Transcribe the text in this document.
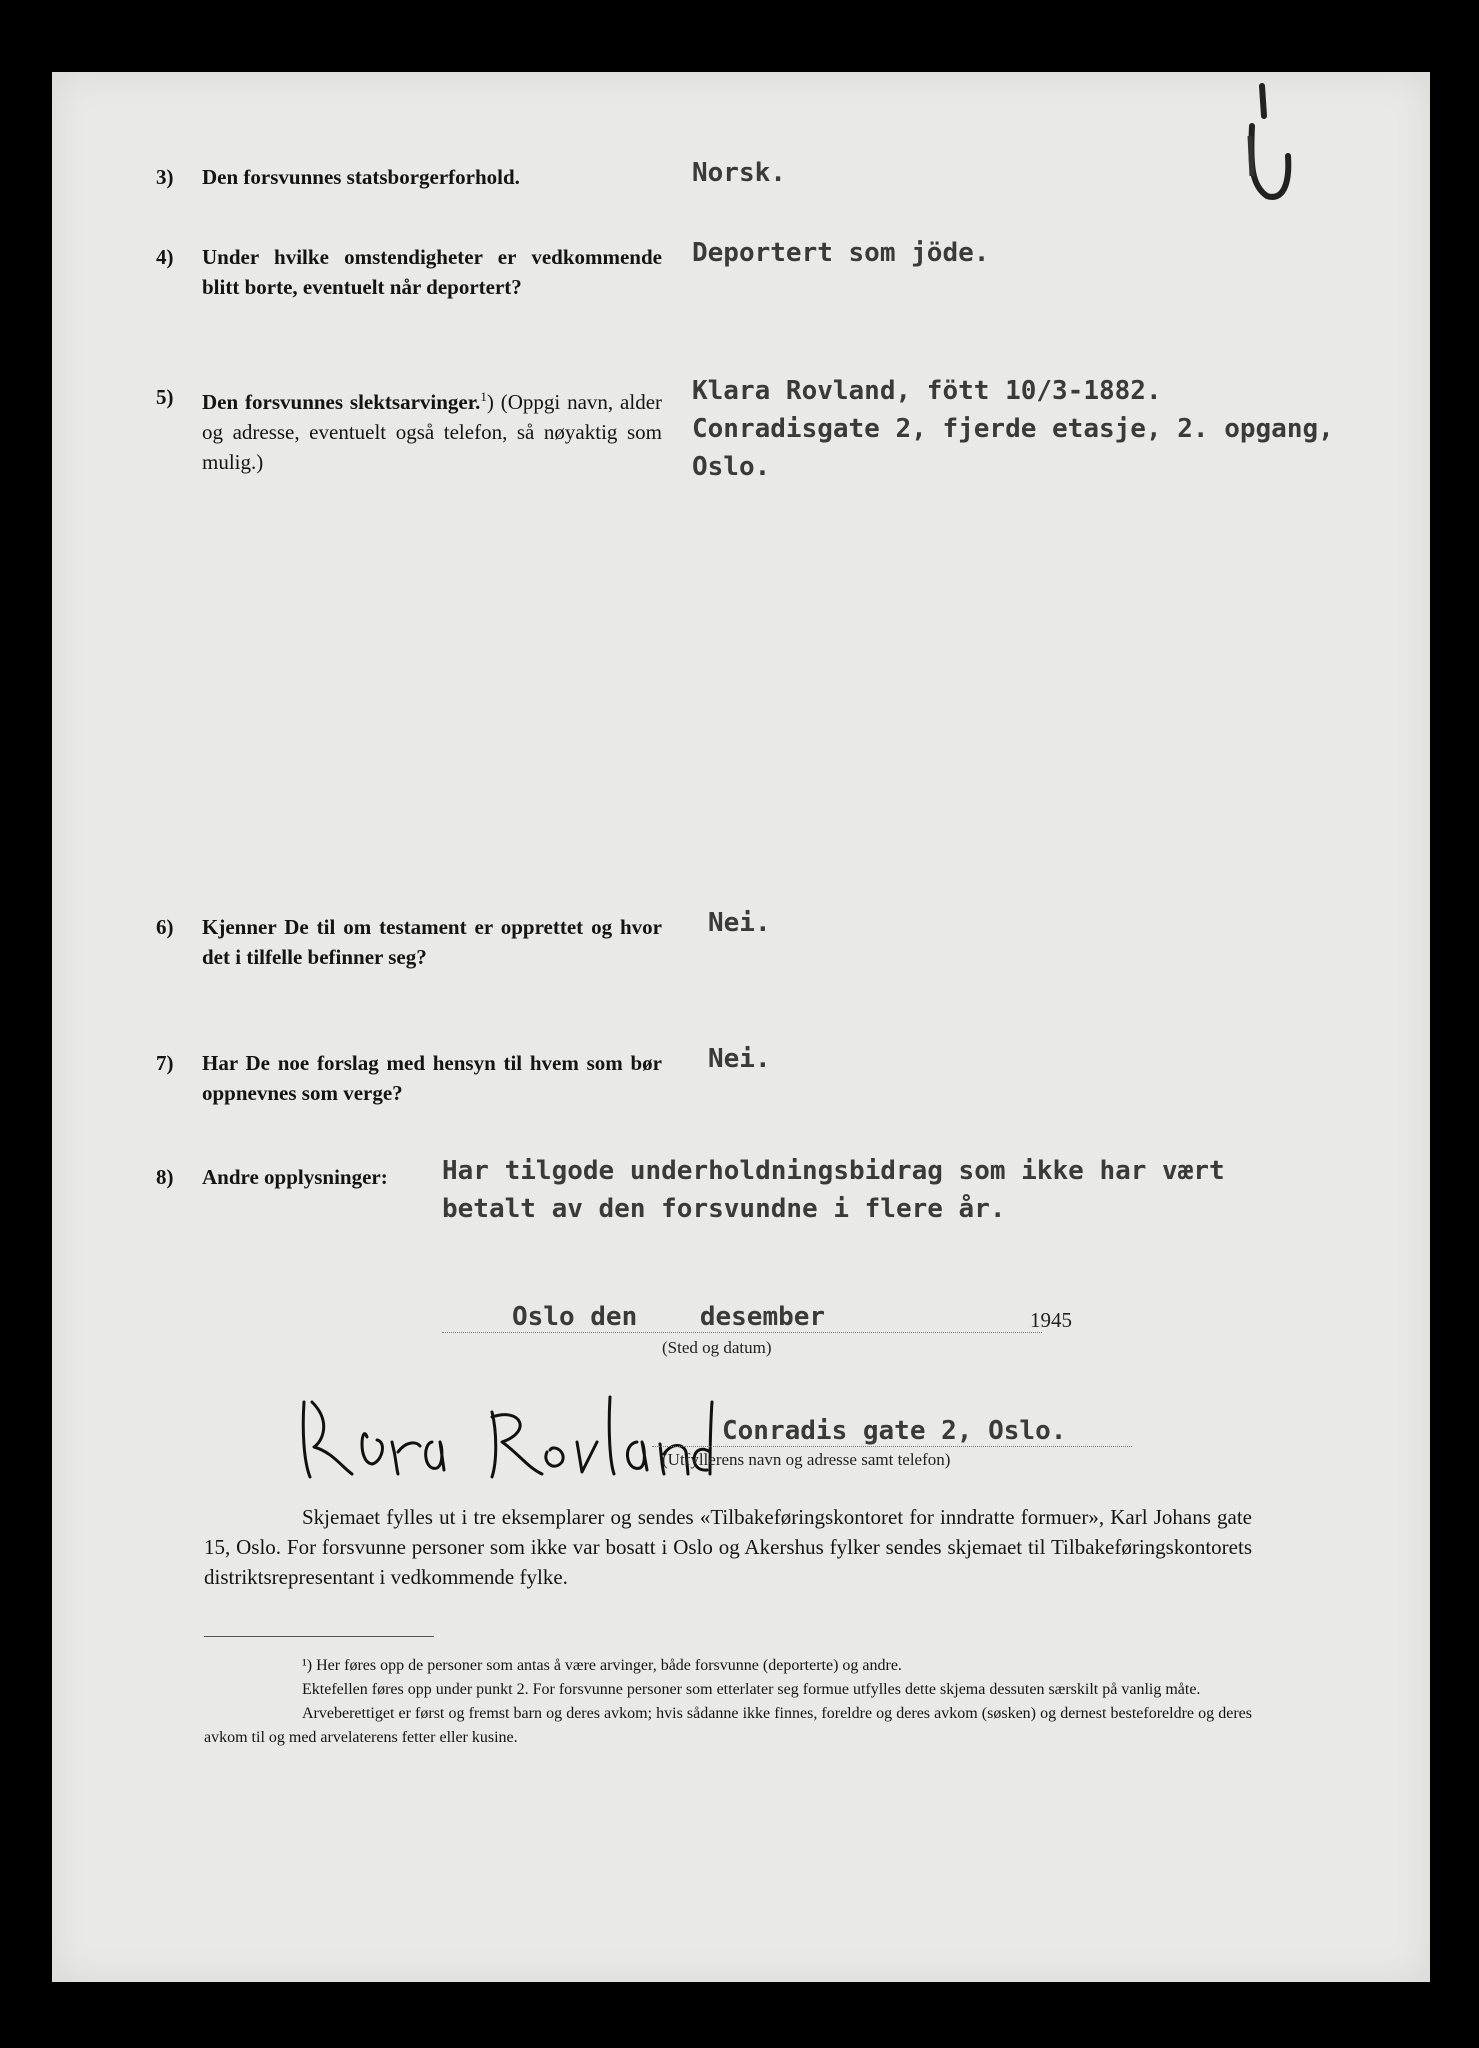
3) Den forsvunnes statsborgerforhold.	Norsk.
4) Under hvilke omstendigheter er vedkommende blitt borte, eventuelt når deportert?
Deportert som jöde.
5) Den forsvunnes slektsarvinger.$^1$) (Oppgi navn, alder og adresse, eventuelt også telefon, så nøyaktig som mulig.)
Klara Rovland, fött 10/3-1882.
Conradisgate 2, fjerde etasje, 2. opgang,
Oslo.
6) Kjenner De til om testament er opprettet og hvor det i tilfelle befinner seg?
Nei.
7) Har De noe forslag med hensyn til hvem som bør oppnevnes som verge?
Nei.
8) Andre opplysninger:	Har tilgode underholdningsbidrag som ikke har vært
betalt av den forsvundne i flere år.
Oslo den    desember	1945
(Sted og datum)
Conradis gate 2, Oslo.
(Utfyllerens navn og adresse samt telefon)
Skjemaet fylles ut i tre eksemplarer og sendes «Tilbakeføringskontoret for inndratte formuer», Karl Johans gate 15, Oslo. For forsvunne personer som ikke var bosatt i Oslo og Akershus fylker sendes skjemaet til Tilbakeføringskontorets distriktsrepresentant i vedkommende fylke.

¹) Her føres opp de personer som antas å være arvinger, både forsvunne (deporterte) og andre.

Ektefellen føres opp under punkt 2. For forsvunne personer som etterlater seg formue utfylles dette skjema dessuten særskilt på vanlig måte.

Arveberettiget er først og fremst barn og deres avkom; hvis sådanne ikke finnes, foreldre og deres avkom (søsken) og dernest besteforeldre og deres avkom til og med arvelaterens fetter eller kusine.
